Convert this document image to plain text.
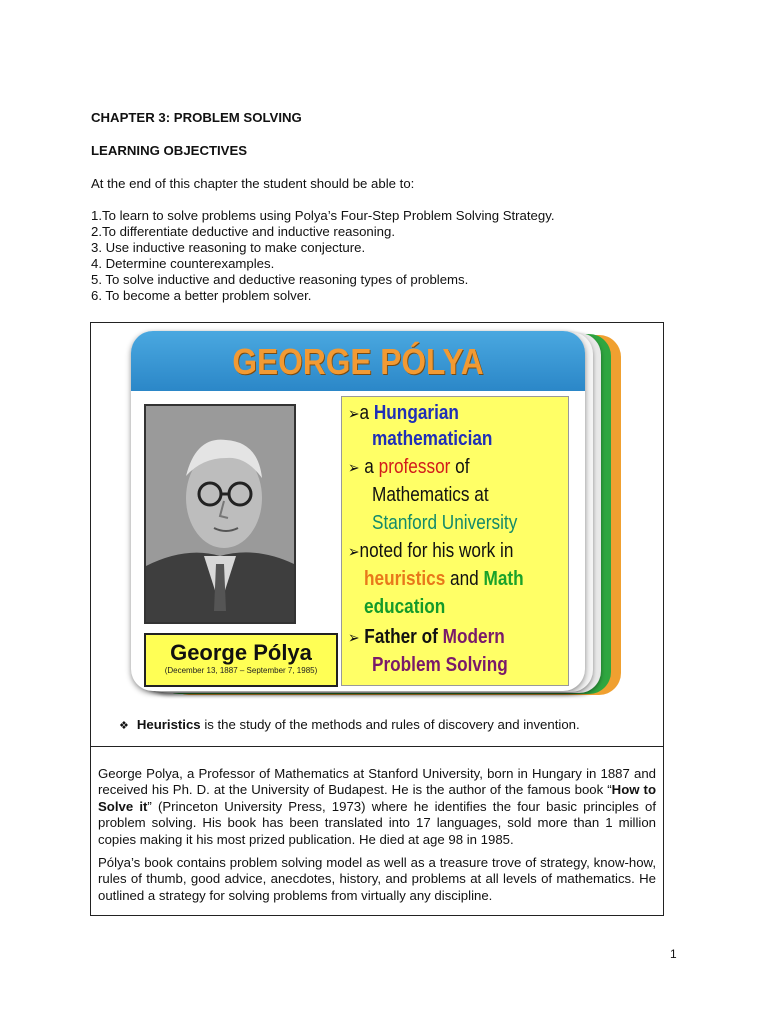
CHAPTER 3: PROBLEM SOLVING
LEARNING OBJECTIVES
At the end of this chapter the student should be able to:
1.To learn to solve problems using Polya’s Four-Step Problem Solving Strategy.
2.To differentiate deductive and inductive reasoning.
3. Use inductive reasoning to make conjecture.
4. Determine counterexamples.
5. To solve inductive and deductive reasoning types of problems.
6. To become a better problem solver.
GEORGE PÓLYA
George Pólya
(December 13, 1887 – September 7, 1985)
➢a Hungarian
mathematician
➢ a professor of
Mathematics at
Stanford University
➢noted for his work in
heuristics and Math
education
➢ Father of Modern
Problem Solving
❖ Heuristics is the study of the methods and rules of discovery and invention.
George Polya, a Professor of Mathematics at Stanford University, born in Hungary in 1887 and received his Ph. D. at the University of Budapest. He is the author of the famous book “How to Solve it” (Princeton University Press, 1973) where he identifies the four basic principles of problem solving. His book has been translated into 17 languages, sold more than 1 million copies making it his most prized publication. He died at age 98 in 1985.
Pólya’s book contains problem solving model as well as a treasure trove of strategy, know-how, rules of thumb, good advice, anecdotes, history, and problems at all levels of mathematics. He outlined a strategy for solving problems from virtually any discipline.
1
